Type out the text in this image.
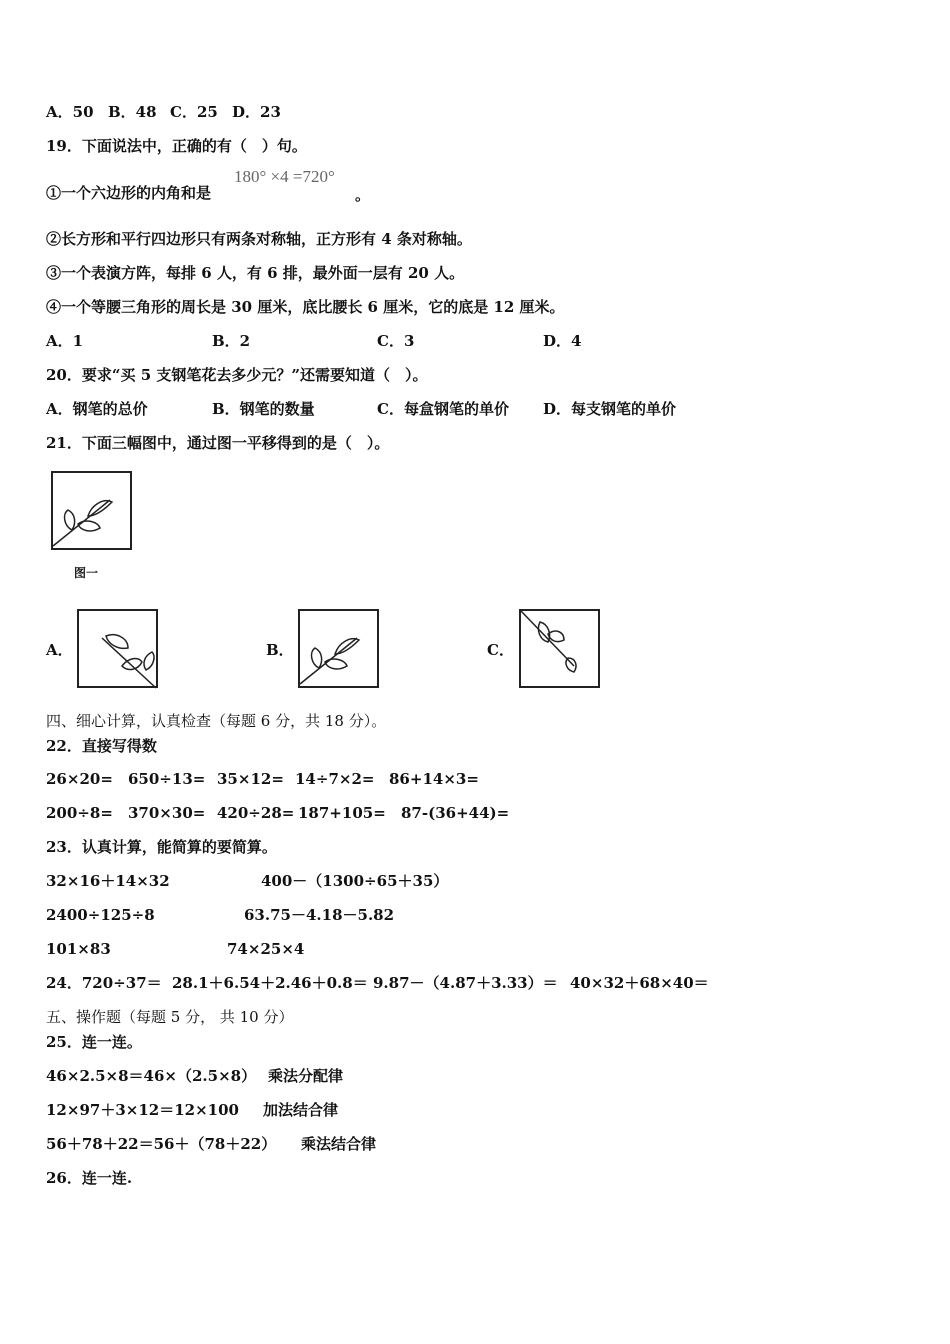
A．50 B．48 C．25 D．23
19．下面说法中，正确的有（　）句。
①一个六边形的内角和是
180° ×4 =720°
。
②长方形和平行四边形只有两条对称轴，正方形有 4 条对称轴。
③一个表演方阵，每排 6 人，有 6 排，最外面一层有 20 人。
④一个等腰三角形的周长是 30 厘米，底比腰长 6 厘米，它的底是 12 厘米。
A．1	B．2	C．3	D．4
20．要求“买 5 支钢笔花去多少元？”还需要知道（　）。
A．钢笔的总价	B．钢笔的数量	C．每盒钢笔的单价 D．每支钢笔的单价
21．下面三幅图中，通过图一平移得到的是（　）。
图一
A．	B．	C．
四、细心计算，认真检查（每题 6 分，共 18 分）。
22．直接写得数
26×20= 650÷13= 35×12= 14÷7×2= 86+14×3=
200÷8= 370×30= 420÷28= 187+105= 87-(36+44)=
23．认真计算，能简算的要简算。
32×16＋14×32	400－（1300÷65＋35）
2400÷125÷8	63.75－4.18－5.82
101×83	74×25×4
24．720÷37＝ 28.1＋6.54＋2.46＋0.8＝ 9.87－（4.87＋3.33）＝ 40×32＋68×40＝
五、操作题（每题 5 分， 共 10 分）
25．连一连。
46×2.5×8＝46×（2.5×8） 乘法分配律
12×97＋3×12＝12×100 加法结合律
56＋78＋22＝56＋（78＋22） 乘法结合律
26．连一连.
